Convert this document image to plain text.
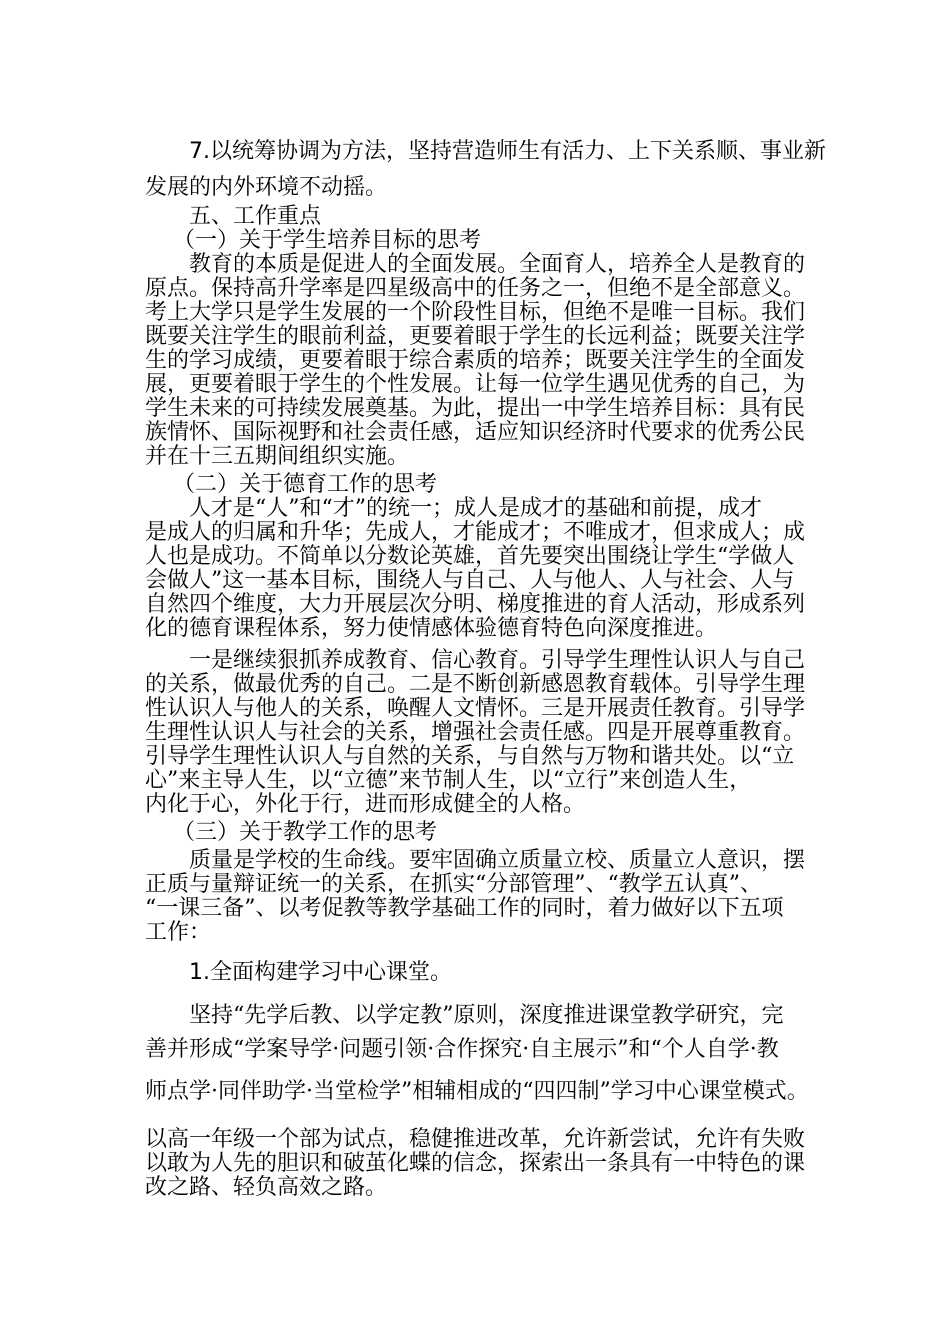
7.以统筹协调为方法，坚持营造师生有活力、上下关系顺、事业新
发展的内外环境不动摇。
五、工作重点
（一）关于学生培养目标的思考
教育的本质是促进人的全面发展。全面育人，培养全人是教育的
原点。保持高升学率是四星级高中的任务之一，但绝不是全部意义。
考上大学只是学生发展的一个阶段性目标，但绝不是唯一目标。我们
既要关注学生的眼前利益，更要着眼于学生的长远利益；既要关注学
生的学习成绩，更要着眼于综合素质的培养；既要关注学生的全面发
展，更要着眼于学生的个性发展。让每一位学生遇见优秀的自己，为
学生未来的可持续发展奠基。为此，提出一中学生培养目标：具有民
族情怀、国际视野和社会责任感，适应知识经济时代要求的优秀公民
并在十三五期间组织实施。
（二）关于德育工作的思考
人才是“人”和“才”的统一；成人是成才的基础和前提，成才
是成人的归属和升华；先成人，才能成才；不唯成才，但求成人；成
人也是成功。不简单以分数论英雄，首先要突出围绕让学生“学做人
会做人”这一基本目标，围绕人与自己、人与他人、人与社会、人与
自然四个维度，大力开展层次分明、梯度推进的育人活动，形成系列
化的德育课程体系，努力使情感体验德育特色向深度推进。
一是继续狠抓养成教育、信心教育。引导学生理性认识人与自己
的关系，做最优秀的自己。二是不断创新感恩教育载体。引导学生理
性认识人与他人的关系，唤醒人文情怀。三是开展责任教育。引导学
生理性认识人与社会的关系，增强社会责任感。四是开展尊重教育。
引导学生理性认识人与自然的关系，与自然与万物和谐共处。以“立
心”来主导人生，以“立德”来节制人生，以“立行”来创造人生，
内化于心，外化于行，进而形成健全的人格。
（三）关于教学工作的思考
质量是学校的生命线。要牢固确立质量立校、质量立人意识，摆
正质与量辩证统一的关系，在抓实“分部管理”、“教学五认真”、
“一课三备”、以考促教等教学基础工作的同时，着力做好以下五项
工作：
1.全面构建学习中心课堂。
坚持“先学后教、以学定教”原则，深度推进课堂教学研究，完
善并形成“学案导学·问题引领·合作探究·自主展示”和“个人自学·教
师点学·同伴助学·当堂检学”相辅相成的“四四制”学习中心课堂模式。
以高一年级一个部为试点，稳健推进改革，允许新尝试，允许有失败
以敢为人先的胆识和破茧化蝶的信念，探索出一条具有一中特色的课
改之路、轻负高效之路。
